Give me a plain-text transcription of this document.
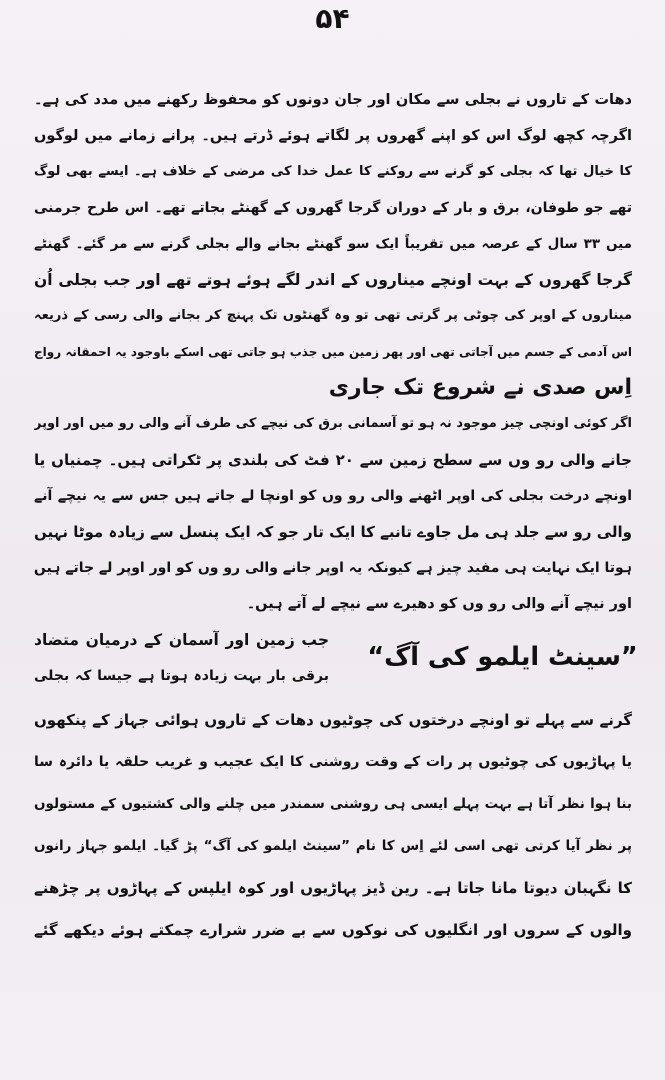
۵۴
دھات کے تاروں نے بجلی سے مکان اور جان دونوں کو محفوظ رکھنے میں مدد کی ہے۔
اگرچہ کچھ لوگ اس کو اپنے گھروں پر لگاتے ہوئے ڈرتے ہیں۔ پرانے زمانے میں لوگوں
کا خیال تھا کہ بجلی کو گرنے سے روکنے کا عمل خدا کی مرضی کے خلاف ہے۔ ایسے بھی لوگ
تھے جو طوفان، برق و بار کے دوران گرجا گھروں کے گھنٹے بجاتے تھے۔ اس طرح جرمنی
میں ۳۳ سال کے عرصہ میں تقریباً ایک سو گھنٹے بجانے والے بجلی گرنے سے مر گئے۔ گھنٹے
گرجا گھروں کے بہت اونچے میناروں کے اندر لگے ہوئے ہوتے تھے اور جب بجلی اُن
میناروں کے اوپر کی چوٹی پر گرتی تھی تو وہ گھنٹوں تک پہنچ کر بجانے والی رسی کے ذریعہ
اس آدمی کے جسم میں آجاتی تھی اور پھر زمین میں جذب ہو جاتی تھی اسکے باوجود یہ احمقانہ رواج
اِس صدی نے شروع تک جاری
اگر کوئی اونچی چیز موجود نہ ہو تو آسمانی برق کی نیچے کی طرف آنے والی رو میں اور اوپر
جانے والی رو وں سے سطح زمین سے ۲۰ فٹ کی بلندی پر ٹکراتی ہیں۔ چمنیاں یا
اونچے درخت بجلی کی اوپر اٹھنے والی رو وں کو اونچا لے جاتے ہیں جس سے یہ نیچے آنے
والی رو سے جلد ہی مل جاوے تانبے کا ایک تار جو کہ ایک پنسل سے زیادہ موٹا نہیں
ہوتا ایک نہایت ہی مفید چیز ہے کیونکہ یہ اوپر جانے والی رو وں کو اور اوپر لے جاتے ہیں
اور نیچے آنے والی رو وں کو دھیرے سے نیچے لے آتے ہیں۔
”سینٹ ایلمو کی آگ“
جب زمین اور آسمان کے درمیان متضاد
برقی بار بہت زیادہ ہوتا ہے جیسا کہ بجلی
گرنے سے پہلے تو اونچے درختوں کی چوٹیوں دھات کے تاروں ہوائی جہاز کے پنکھوں
یا پہاڑیوں کی چوٹیوں پر رات کے وقت روشنی کا ایک عجیب و غریب حلقہ یا دائرہ سا
بنا ہوا نظر آتا ہے بہت پہلے ایسی ہی روشنی سمندر میں چلنے والی کشتیوں کے مستولوں
پر نظر آیا کرتی تھی اسی لئے اِس کا نام ”سینٹ ایلمو کی آگ“ پڑ گیا۔ ایلمو جہاز رانوں
کا نگہبان دیوتا مانا جاتا ہے۔ رین ڈیز پہاڑیوں اور کوہ ایلپس کے پہاڑوں پر چڑھنے
والوں کے سروں اور انگلیوں کی نوکوں سے بے ضرر شرارے چمکتے ہوئے دیکھے گئے
